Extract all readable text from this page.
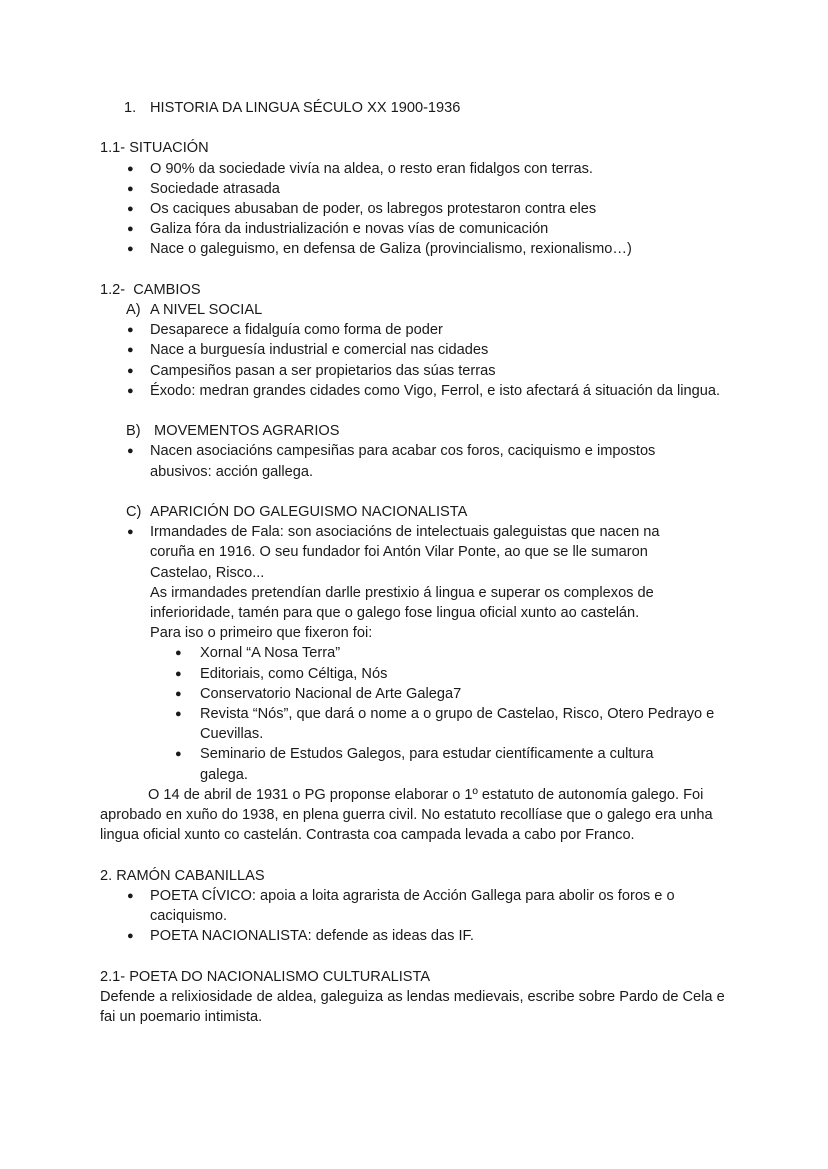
1. HISTORIA DA LINGUA SÉCULO XX 1900-1936

1.1- SITUACIÓN

● O 90% da sociedade vivía na aldea, o resto eran fidalgos con terras.
● Sociedade atrasada
● Os caciques abusaban de poder, os labregos protestaron contra eles
● Galiza fóra da industrialización e novas vías de comunicación
● Nace o galeguismo, en defensa de Galiza (provincialismo, rexionalismo…)

1.2-  CAMBIOS

A) A NIVEL SOCIAL

● Desaparece a fidalguía como forma de poder
● Nace a burguesía industrial e comercial nas cidades
● Campesiños pasan a ser propietarios das súas terras
● Éxodo: medran grandes cidades como Vigo, Ferrol, e isto afectará á situación da lingua.

B) MOVEMENTOS AGRARIOS

● Nacen asociacións campesiñas para acabar cos foros, caciquismo e impostos abusivos: acción gallega.

C) APARICIÓN DO GALEGUISMO NACIONALISTA

● Irmandades de Fala: son asociacións de intelectuais galeguistas que nacen na coruña en 1916. O seu fundador foi Antón Vilar Ponte, ao que se lle sumaron Castelao, Risco...

As irmandades pretendían darlle prestixio á lingua e superar os complexos de inferioridade, tamén para que o galego fose lingua oficial xunto ao castelán.

Para iso o primeiro que fixeron foi:

● Xornal “A Nosa Terra”
● Editoriais, como Céltiga, Nós
● Conservatorio Nacional de Arte Galega7
● Revista “Nós”, que dará o nome a o grupo de Castelao, Risco, Otero Pedrayo e Cuevillas.
● Seminario de Estudos Galegos, para estudar científicamente a cultura galega.

O 14 de abril de 1931 o PG proponse elaborar o 1º estatuto de autonomía galego. Foi aprobado en xuño do 1938, en plena guerra civil. No estatuto recollíase que o galego era unha lingua oficial xunto co castelán. Contrasta coa campada levada a cabo por Franco.

2. RAMÓN CABANILLAS

● POETA CÍVICO: apoia a loita agrarista de Acción Gallega para abolir os foros e o caciquismo.
● POETA NACIONALISTA: defende as ideas das IF.

2.1- POETA DO NACIONALISMO CULTURALISTA

Defende a relixiosidade de aldea, galeguiza as lendas medievais, escribe sobre Pardo de Cela e fai un poemario intimista.
